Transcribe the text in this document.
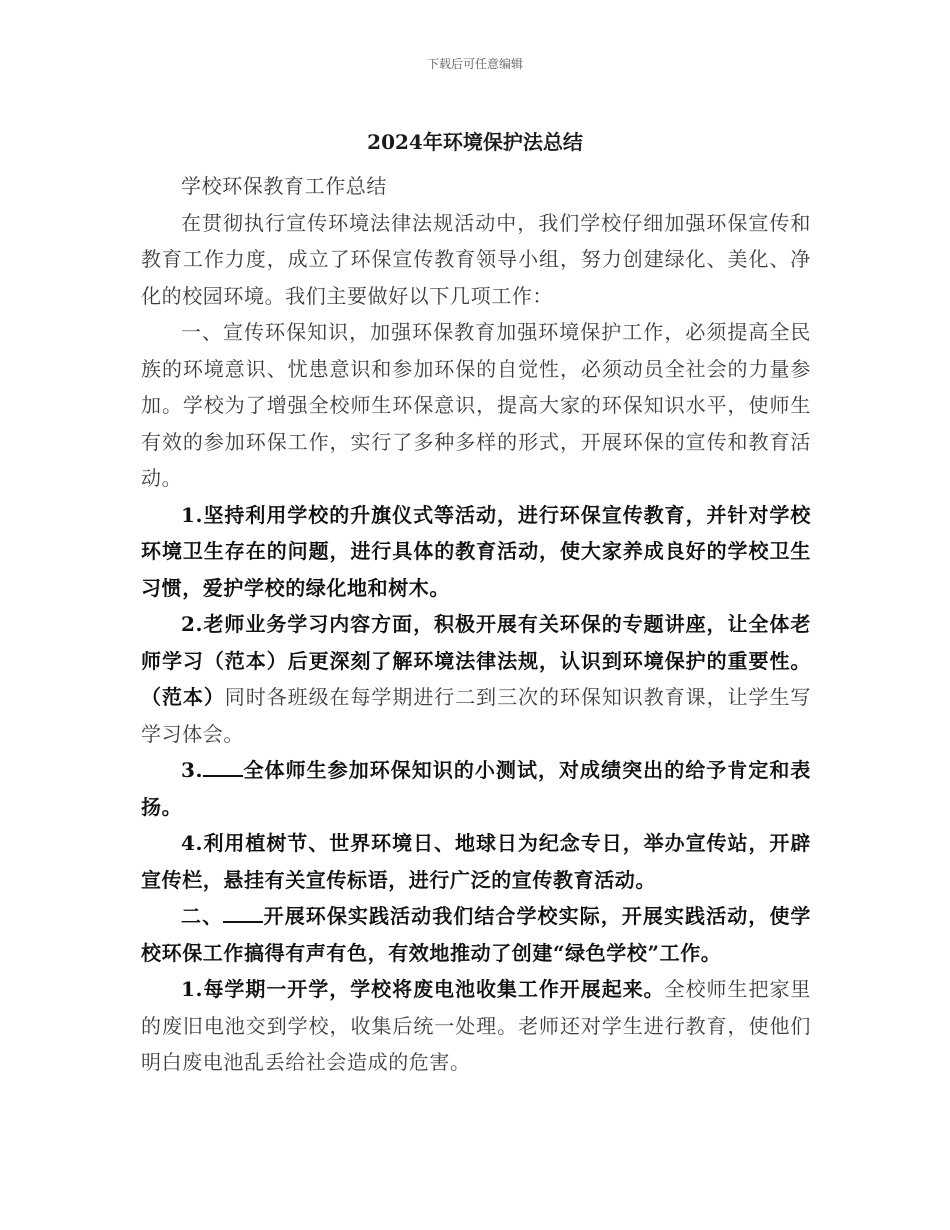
下载后可任意编辑
2024年环境保护法总结

学校环保教育工作总结

在贯彻执行宣传环境法律法规活动中，我们学校仔细加强环保宣传和教育工作力度，成立了环保宣传教育领导小组，努力创建绿化、美化、净化的校园环境。我们主要做好以下几项工作：

一、宣传环保知识，加强环保教育加强环境保护工作，必须提高全民族的环境意识、忧患意识和参加环保的自觉性，必须动员全社会的力量参加。学校为了增强全校师生环保意识，提高大家的环保知识水平，使师生有效的参加环保工作，实行了多种多样的形式，开展环保的宣传和教育活动。

1.坚持利用学校的升旗仪式等活动，进行环保宣传教育，并针对学校环境卫生存在的问题，进行具体的教育活动，使大家养成良好的学校卫生习惯，爱护学校的绿化地和树木。

2.老师业务学习内容方面，积极开展有关环保的专题讲座，让全体老师学习（范本）后更深刻了解环境法律法规，认识到环境保护的重要性。（范本）同时各班级在每学期进行二到三次的环保知识教育课，让学生写学习体会。

3. 全体师生参加环保知识的小测试，对成绩突出的给予肯定和表扬。

4.利用植树节、世界环境日、地球日为纪念专日，举办宣传站，开辟宣传栏，悬挂有关宣传标语，进行广泛的宣传教育活动。

二、 开展环保实践活动我们结合学校实际，开展实践活动，使学校环保工作搞得有声有色，有效地推动了创建“绿色学校”工作。

1.每学期一开学，学校将废电池收集工作开展起来。全校师生把家里的废旧电池交到学校，收集后统一处理。老师还对学生进行教育，使他们明白废电池乱丢给社会造成的危害。
